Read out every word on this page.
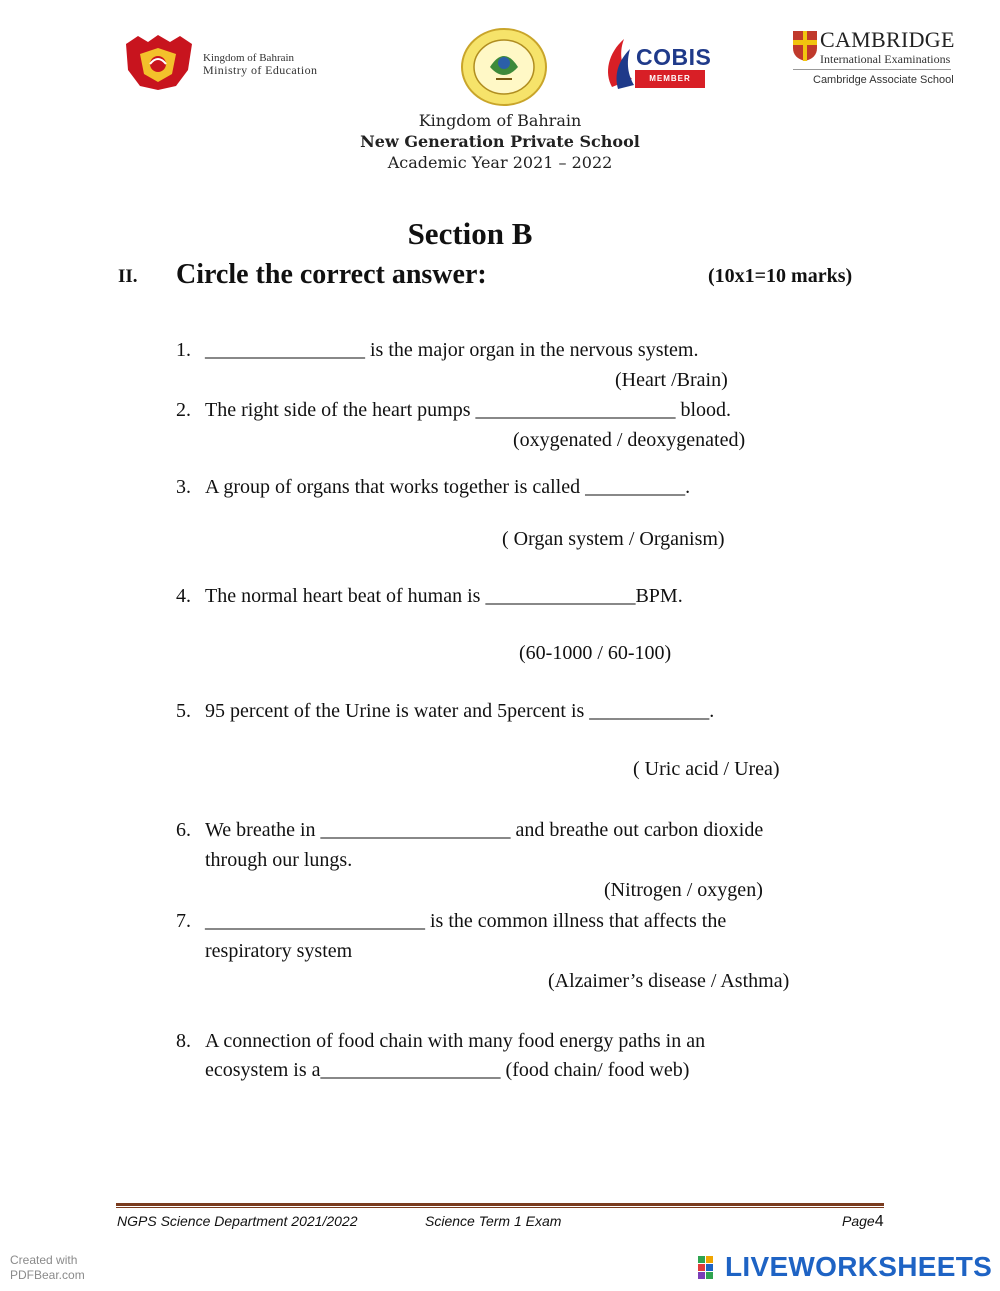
Kingdom of Bahrain
Ministry of Education	COBIS
MEMBER
CAMBRIDGE
International Examinations
Cambridge Associate School
Kingdom of Bahrain
New Generation Private School
Academic Year 2021 – 2022
Section B
II. Circle the correct answer:	(10x1=10 marks)
1. ________________ is the major organ in the nervous system.
(Heart /Brain)
2. The right side of the heart pumps ____________________ blood.
(oxygenated / deoxygenated)
3. A group of organs that works together is called __________.
( Organ system / Organism)
4. The normal heart beat of human is _______________BPM.
(60-1000 / 60-100)
5. 95 percent of the Urine is water and 5percent is ____________.
( Uric acid / Urea)
6. We breathe in ___________________ and breathe out carbon dioxide
through our lungs.
(Nitrogen / oxygen)
7. ______________________ is the common illness that affects the
respiratory system
(Alzaimer’s disease / Asthma)
8. A connection of food chain with many food energy paths in an
ecosystem is a__________________ (food chain/ food web)
NGPS Science Department 2021/2022	Science Term 1 Exam	Page4
Created with
PDFBear.com	LIVEWORKSHEETS
